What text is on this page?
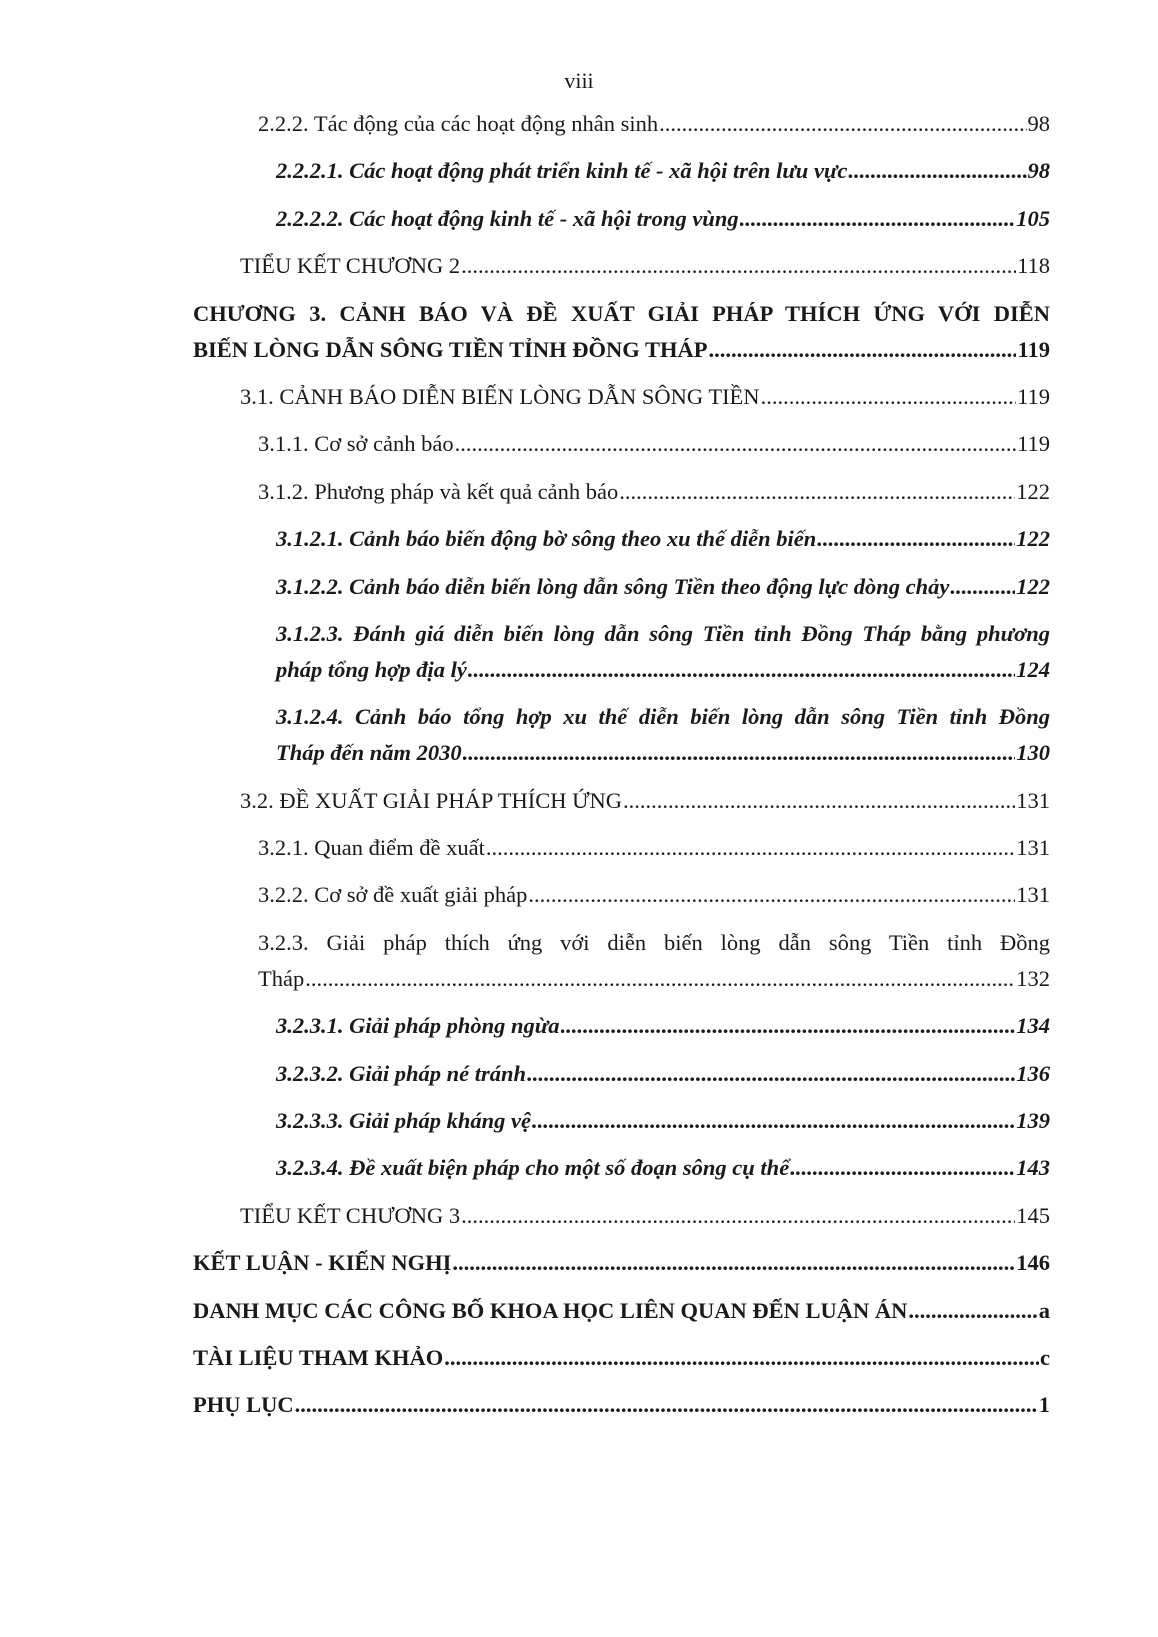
viii
2.2.2. Tác động của các hoạt động nhân sinh .....	98
2.2.2.1. Các hoạt động phát triển kinh tế - xã hội trên lưu vực .....	98
2.2.2.2. Các hoạt động kinh tế - xã hội trong vùng .....	105
TIỂU KẾT CHƯƠNG 2 .....	118
CHƯƠNG 3. CẢNH BÁO VÀ ĐỀ XUẤT GIẢI PHÁP THÍCH ỨNG VỚI DIỄN
BIẾN LÒNG DẪN SÔNG TIỀN TỈNH ĐỒNG THÁP .....	119
3.1. CẢNH BÁO DIỄN BIẾN LÒNG DẪN SÔNG TIỀN .....	119
3.1.1. Cơ sở cảnh báo .....	119
3.1.2. Phương pháp và kết quả cảnh báo .....	122
3.1.2.1. Cảnh báo biến động bờ sông theo xu thế diễn biến .....	122
3.1.2.2. Cảnh báo diễn biến lòng dẫn sông Tiền theo động lực dòng chảy .....	122
3.1.2.3. Đánh giá diễn biến lòng dẫn sông Tiền tỉnh Đồng Tháp bằng phương
pháp tổng hợp địa lý .....	124
3.1.2.4. Cảnh báo tổng hợp xu thế diễn biến lòng dẫn sông Tiền tỉnh Đồng
Tháp đến năm 2030 .....	130
3.2. ĐỀ XUẤT GIẢI PHÁP THÍCH ỨNG .....	131
3.2.1. Quan điểm đề xuất .....	131
3.2.2. Cơ sở đề xuất giải pháp .....	131
3.2.3. Giải pháp thích ứng với diễn biến lòng dẫn sông Tiền tỉnh Đồng
Tháp .....	132
3.2.3.1. Giải pháp phòng ngừa .....	134
3.2.3.2. Giải pháp né tránh .....	136
3.2.3.3. Giải pháp kháng vệ .....	139
3.2.3.4. Đề xuất biện pháp cho một số đoạn sông cụ thể .....	143
TIỂU KẾT CHƯƠNG 3 .....	145
KẾT LUẬN - KIẾN NGHỊ .....	146
DANH MỤC CÁC CÔNG BỐ KHOA HỌC LIÊN QUAN ĐẾN LUẬN ÁN .....	a
TÀI LIỆU THAM KHẢO .....	c
PHỤ LỤC .....	1
